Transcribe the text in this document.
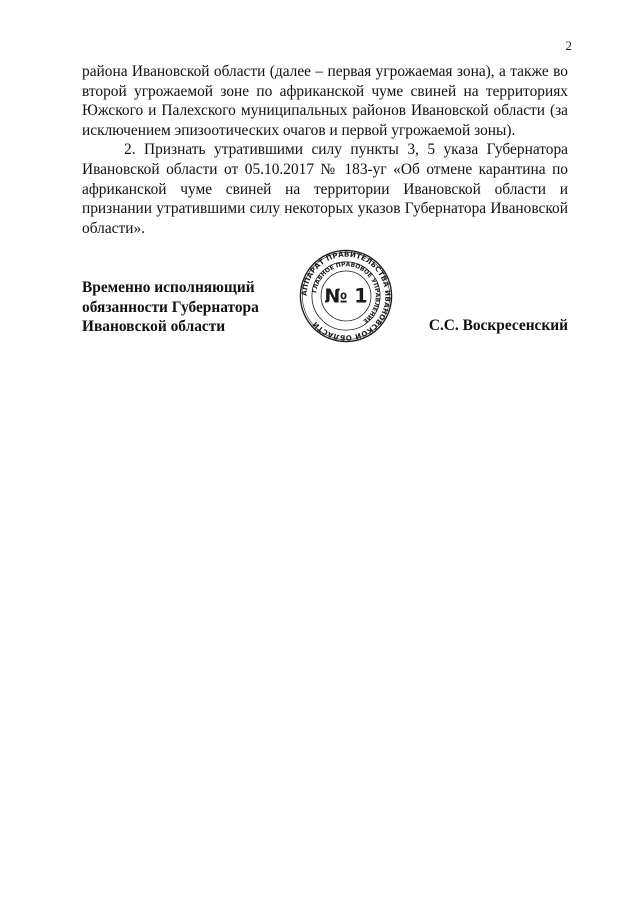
2

района Ивановской области (далее – первая угрожаемая зона), а также во второй угрожаемой зоне по африканской чуме свиней на территориях Южского и Палехского муниципальных районов Ивановской области (за исключением эпизоотических очагов и первой угрожаемой зоны).

2. Признать утратившими силу пункты 3, 5 указа Губернатора Ивановской области от 05.10.2017 № 183-уг «Об отмене карантина по африканской чуме свиней на территории Ивановской области и признании утратившими силу некоторых указов Губернатора Ивановской области».

Временно исполняющий
обязанности Губернатора
Ивановской области
АППАРАТ ПРАВИТЕЛЬСТВА ИВАНОВСКОЙ ОБЛАСТИ
ГЛАВНОЕ ПРАВОВОЕ УПРАВЛЕНИЕ
№ 1
С.С. Воскресенский
